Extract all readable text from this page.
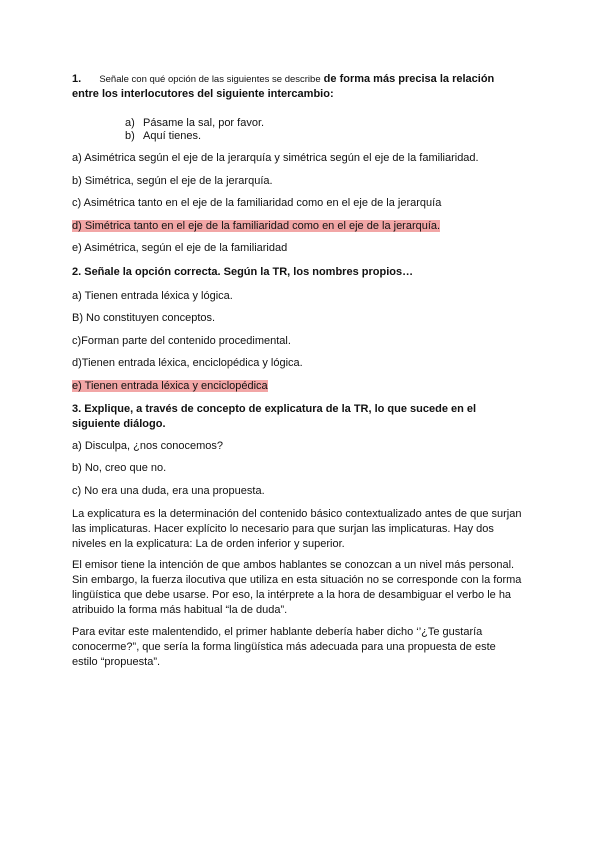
1. Señale con qué opción de las siguientes se describe de forma más precisa la relación
entre los interlocutores del siguiente intercambio:
a) Pásame la sal, por favor.
b) Aquí tienes.
a) Asimétrica según el eje de la jerarquía y simétrica según el eje de la familiaridad.
b) Simétrica, según el eje de la jerarquía.
c) Asimétrica tanto en el eje de la familiaridad como en el eje de la jerarquía
d) Simétrica tanto en el eje de la familiaridad como en el eje de la jerarquía.
e) Asimétrica, según el eje de la familiaridad
2. Señale la opción correcta. Según la TR, los nombres propios…
a) Tienen entrada léxica y lógica.
B) No constituyen conceptos.
c)Forman parte del contenido procedimental.
d)Tienen entrada léxica, enciclopédica y lógica.
e) Tienen entrada léxica y enciclopédica
3. Explique, a través de concepto de explicatura de la TR, lo que sucede en el
siguiente diálogo.
a) Disculpa, ¿nos conocemos?
b) No, creo que no.
c) No era una duda, era una propuesta.
La explicatura es la determinación del contenido básico contextualizado antes de que surjan
las implicaturas. Hacer explícito lo necesario para que surjan las implicaturas. Hay dos
niveles en la explicatura: La de orden inferior y superior.
El emisor tiene la intención de que ambos hablantes se conozcan a un nivel más personal.
Sin embargo, la fuerza ilocutiva que utiliza en esta situación no se corresponde con la forma
lingüística que debe usarse. Por eso, la intérprete a la hora de desambiguar el verbo le ha
atribuido la forma más habitual “la de duda”.
Para evitar este malentendido, el primer hablante debería haber dicho ‘’¿Te gustaría
conocerme?”, que sería la forma lingüística más adecuada para una propuesta de este
estilo “propuesta”.
